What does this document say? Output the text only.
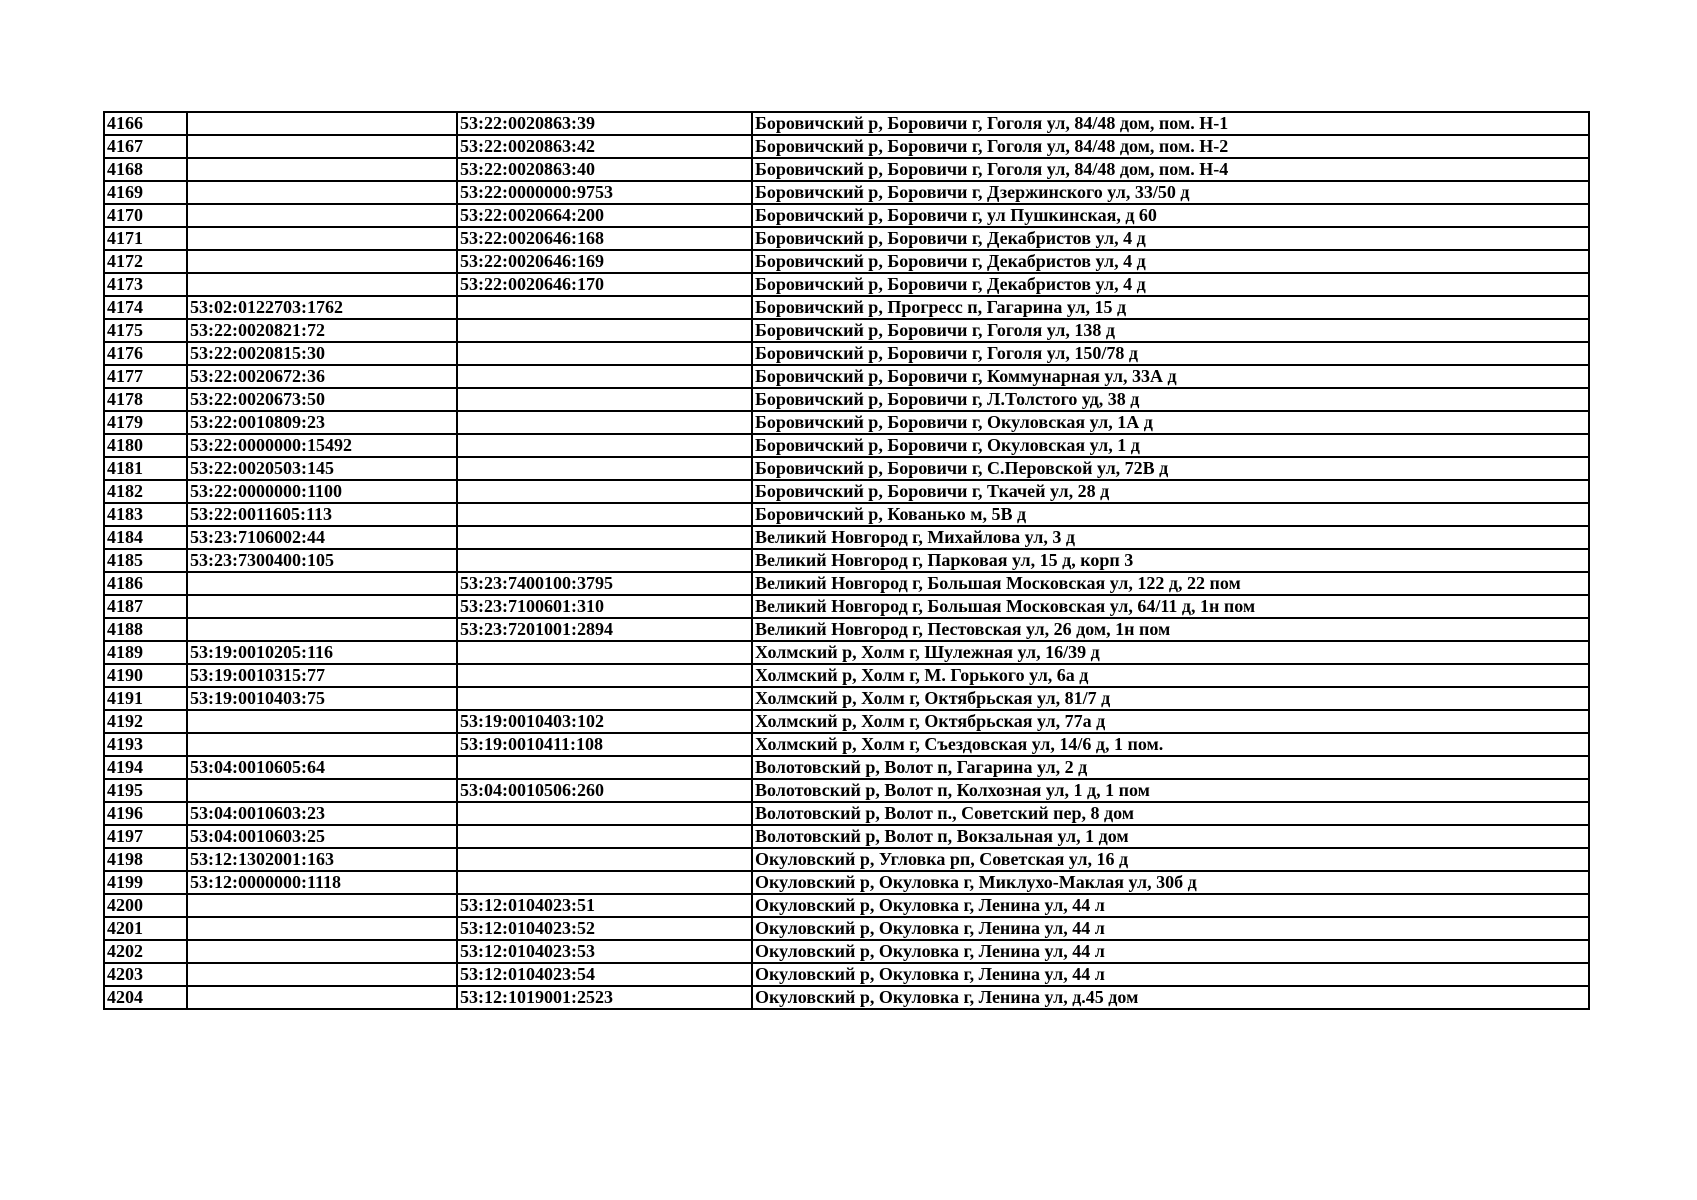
4166		53:22:0020863:39	Боровичский р, Боровичи г, Гоголя ул, 84/48 дом, пом. Н-1
4167		53:22:0020863:42	Боровичский р, Боровичи г, Гоголя ул, 84/48 дом, пом. Н-2
4168		53:22:0020863:40	Боровичский р, Боровичи г, Гоголя ул, 84/48 дом, пом. Н-4
4169		53:22:0000000:9753	Боровичский р, Боровичи г, Дзержинского ул, 33/50 д
4170		53:22:0020664:200	Боровичский р, Боровичи г, ул Пушкинская, д 60
4171		53:22:0020646:168	Боровичский р, Боровичи г, Декабристов ул, 4 д
4172		53:22:0020646:169	Боровичский р, Боровичи г, Декабристов ул, 4 д
4173		53:22:0020646:170	Боровичский р, Боровичи г, Декабристов ул, 4 д
4174	53:02:0122703:1762		Боровичский р, Прогресс п, Гагарина ул, 15 д
4175	53:22:0020821:72		Боровичский р, Боровичи г, Гоголя ул, 138 д
4176	53:22:0020815:30		Боровичский р, Боровичи г, Гоголя ул, 150/78 д
4177	53:22:0020672:36		Боровичский р, Боровичи г, Коммунарная ул, 33А д
4178	53:22:0020673:50		Боровичский р, Боровичи г, Л.Толстого уд, 38 д
4179	53:22:0010809:23		Боровичский р, Боровичи г, Окуловская ул, 1А д
4180	53:22:0000000:15492		Боровичский р, Боровичи г, Окуловская ул, 1 д
4181	53:22:0020503:145		Боровичский р, Боровичи г, С.Перовской ул, 72В д
4182	53:22:0000000:1100		Боровичский р, Боровичи г, Ткачей ул, 28 д
4183	53:22:0011605:113		Боровичский р, Кованько м, 5В д
4184	53:23:7106002:44		Великий Новгород г, Михайлова ул, 3 д
4185	53:23:7300400:105		Великий Новгород г, Парковая ул, 15 д, корп 3
4186		53:23:7400100:3795	Великий Новгород г, Большая Московская ул, 122 д, 22 пом
4187		53:23:7100601:310	Великий Новгород г, Большая Московская ул, 64/11 д, 1н пом
4188		53:23:7201001:2894	Великий Новгород г, Пестовская ул, 26 дом, 1н пом
4189	53:19:0010205:116		Холмский р, Холм г, Шулежная ул, 16/39 д
4190	53:19:0010315:77		Холмский р, Холм г, М. Горького ул, 6а д
4191	53:19:0010403:75		Холмский р, Холм г, Октябрьская ул, 81/7 д
4192		53:19:0010403:102	Холмский р, Холм г, Октябрьская ул, 77а д
4193		53:19:0010411:108	Холмский р, Холм г, Съездовская ул, 14/6 д, 1 пом.
4194	53:04:0010605:64		Волотовский р, Волот п, Гагарина ул, 2 д
4195		53:04:0010506:260	Волотовский р, Волот п, Колхозная ул, 1 д, 1 пом
4196	53:04:0010603:23		Волотовский р, Волот п., Советский пер, 8 дом
4197	53:04:0010603:25		Волотовский р, Волот п, Вокзальная ул, 1 дом
4198	53:12:1302001:163		Окуловский р, Угловка рп, Советская ул, 16 д
4199	53:12:0000000:1118		Окуловский р, Окуловка г, Миклухо-Маклая ул, 30б д
4200		53:12:0104023:51	Окуловский р, Окуловка г, Ленина ул, 44 л
4201		53:12:0104023:52	Окуловский р, Окуловка г, Ленина ул, 44 л
4202		53:12:0104023:53	Окуловский р, Окуловка г, Ленина ул, 44 л
4203		53:12:0104023:54	Окуловский р, Окуловка г, Ленина ул, 44 л
4204		53:12:1019001:2523	Окуловский р, Окуловка г, Ленина ул, д.45 дом
